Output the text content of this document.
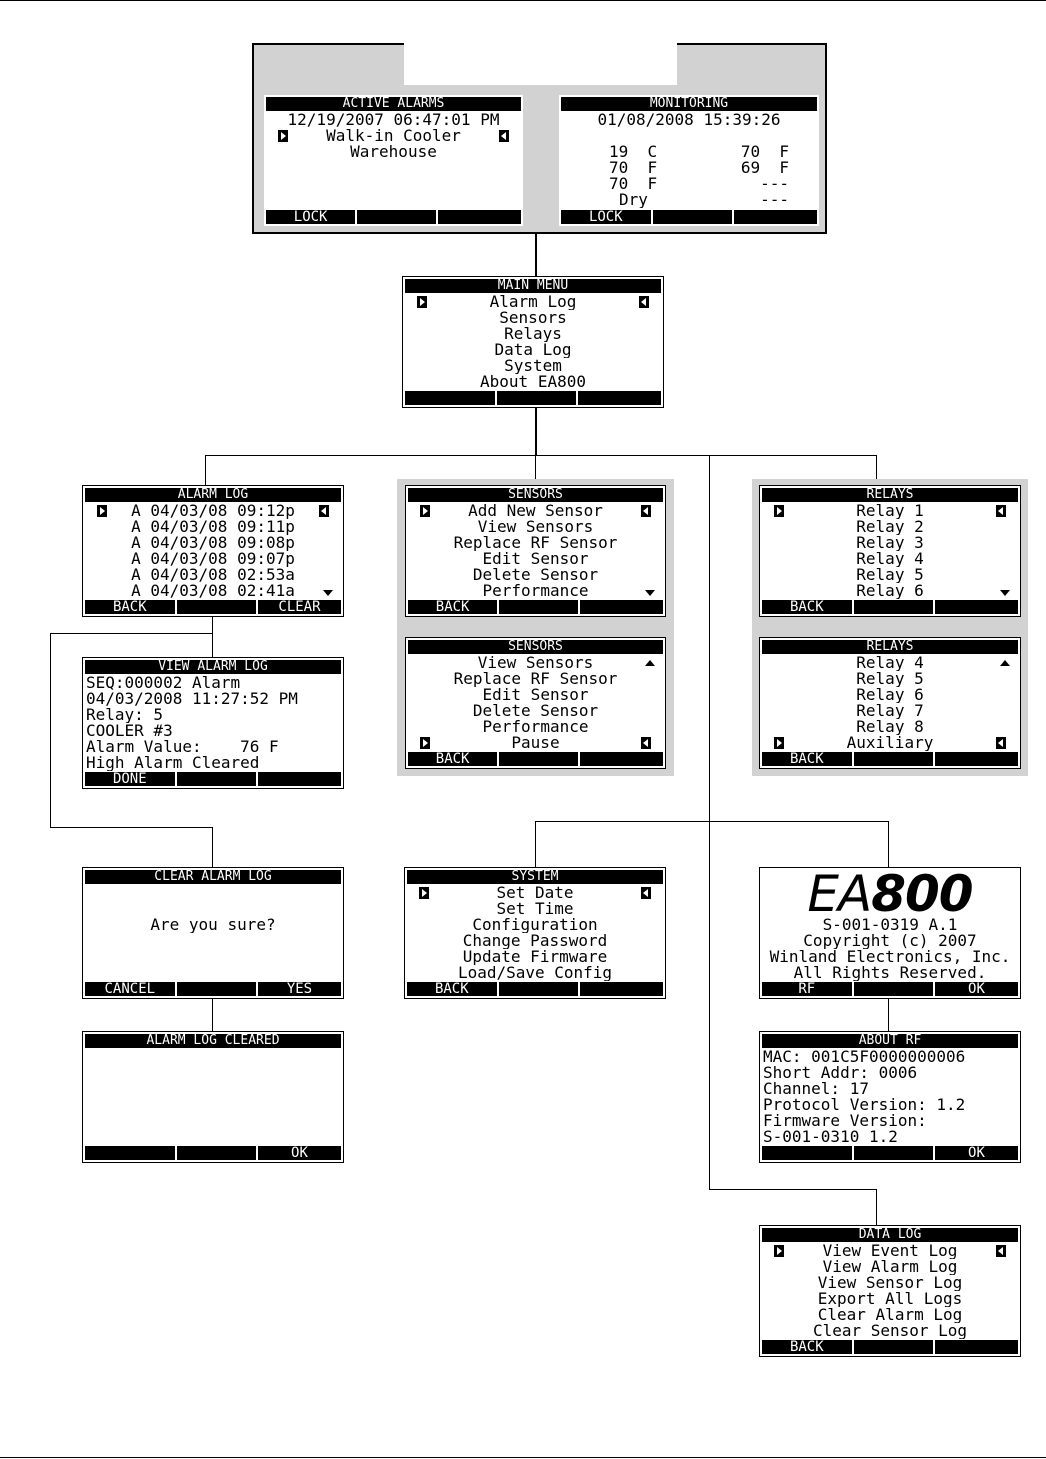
ACTIVE ALARMS
12/19/2007 06:47:01 PM
Walk-in Cooler
Warehouse
LOCK
MONITORING
01/08/2008 15:39:26
19  C	70  F
70  F	69  F
70  F	---
Dry	---
LOCK
MAIN MENU
Alarm Log
Sensors
Relays
Data Log
System
About EA800
ALARM LOG
A 04/03/08 09:12p
A 04/03/08 09:11p
A 04/03/08 09:08p
A 04/03/08 09:07p
A 04/03/08 02:53a
A 04/03/08 02:41a
BACK	CLEAR
VIEW ALARM LOG
SEQ:000002 Alarm
04/03/2008 11:27:52 PM
Relay: 5
COOLER #3
Alarm Value:    76 F
High Alarm Cleared
DONE
CLEAR ALARM LOG
Are you sure?
CANCEL	YES
ALARM LOG CLEARED
OK
SENSORS
Add New Sensor
View Sensors
Replace RF Sensor
Edit Sensor
Delete Sensor
Performance
BACK
SENSORS
View Sensors
Replace RF Sensor
Edit Sensor
Delete Sensor
Performance
Pause
BACK
RELAYS
Relay 1
Relay 2
Relay 3
Relay 4
Relay 5
Relay 6
BACK
RELAYS
Relay 4
Relay 5
Relay 6
Relay 7
Relay 8
Auxiliary
BACK
SYSTEM
Set Date
Set Time
Configuration
Change Password
Update Firmware
Load/Save Config
BACK
EA800
S-001-0319 A.1
Copyright (c) 2007
Winland Electronics, Inc.
All Rights Reserved.
RF	OK
ABOUT RF
MAC: 001C5F0000000006
Short Addr: 0006
Channel: 17
Protocol Version: 1.2
Firmware Version:
S-001-0310 1.2
OK
DATA LOG
View Event Log
View Alarm Log
View Sensor Log
Export All Logs
Clear Alarm Log
Clear Sensor Log
BACK
